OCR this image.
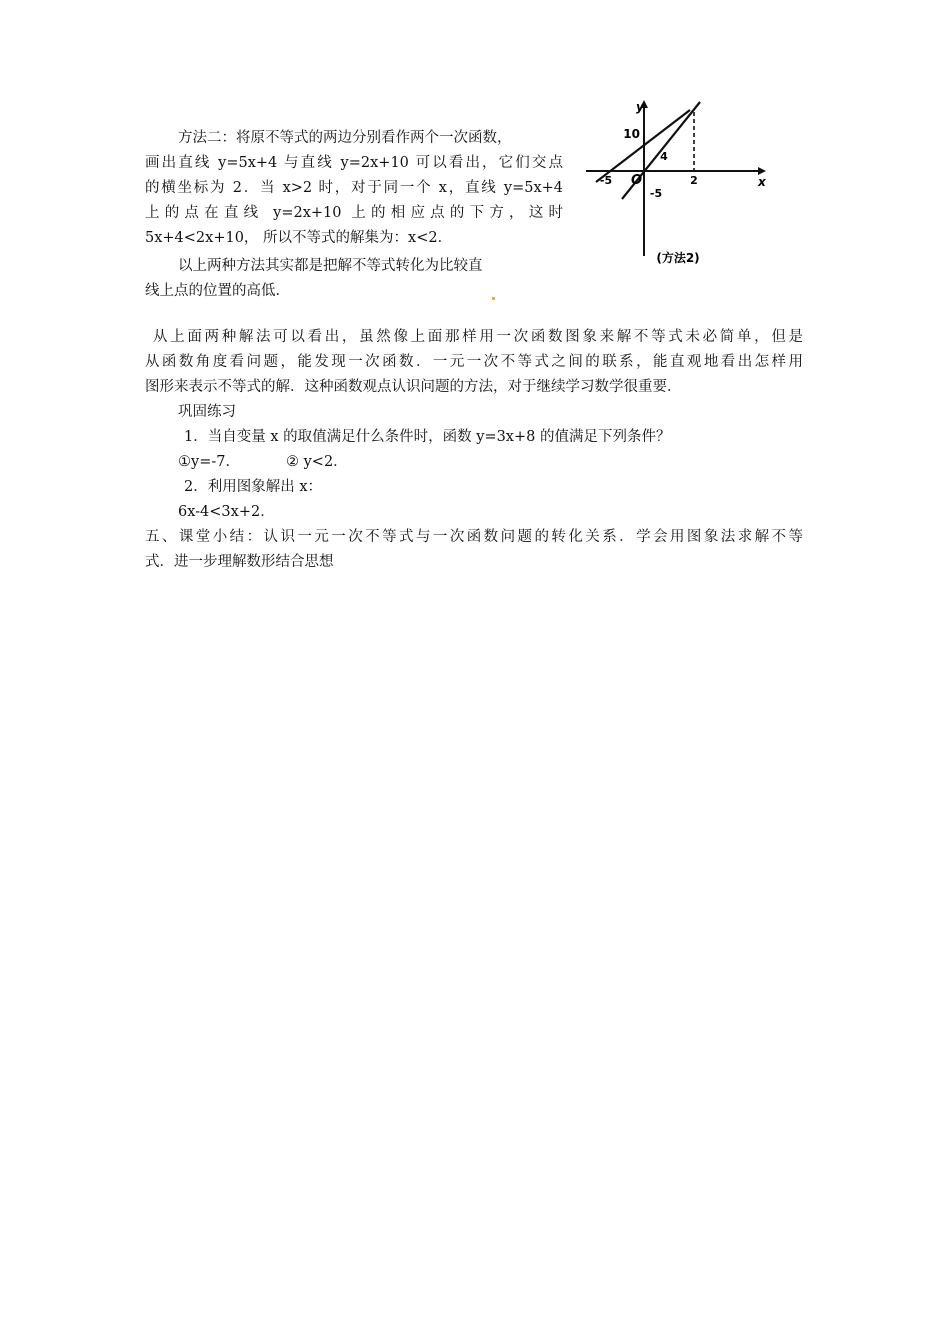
方法二：将原不等式的两边分别看作两个一次函数，
画出直线 y=5x+4 与直线 y=2x+10 可以看出，它们交点
的横坐标为 2．当 x>2 时，对于同一个 x，直线 y=5x+4
上的点在直线 y=2x+10 上的相应点的下方，这时
5x+4<2x+10， 所以不等式的解集为：x<2．
以上两种方法其实都是把解不等式转化为比较直
线上点的位置的高低．
y
x
O
10
4
-5	2
-5
(方法2)
从上面两种解法可以看出，虽然像上面那样用一次函数图象来解不等式未必简单，但是
从函数角度看问题，能发现一次函数．一元一次不等式之间的联系，能直观地看出怎样用
图形来表示不等式的解．这种函数观点认识问题的方法，对于继续学习数学很重要．
巩固练习
1．当自变量 x 的取值满足什么条件时，函数 y=3x+8 的值满足下列条件？
①y=-7．	② y<2．
2．利用图象解出 x：
6x-4<3x+2．
五、课堂小结：认识一元一次不等式与一次函数问题的转化关系．学会用图象法求解不等
式．进一步理解数形结合思想
